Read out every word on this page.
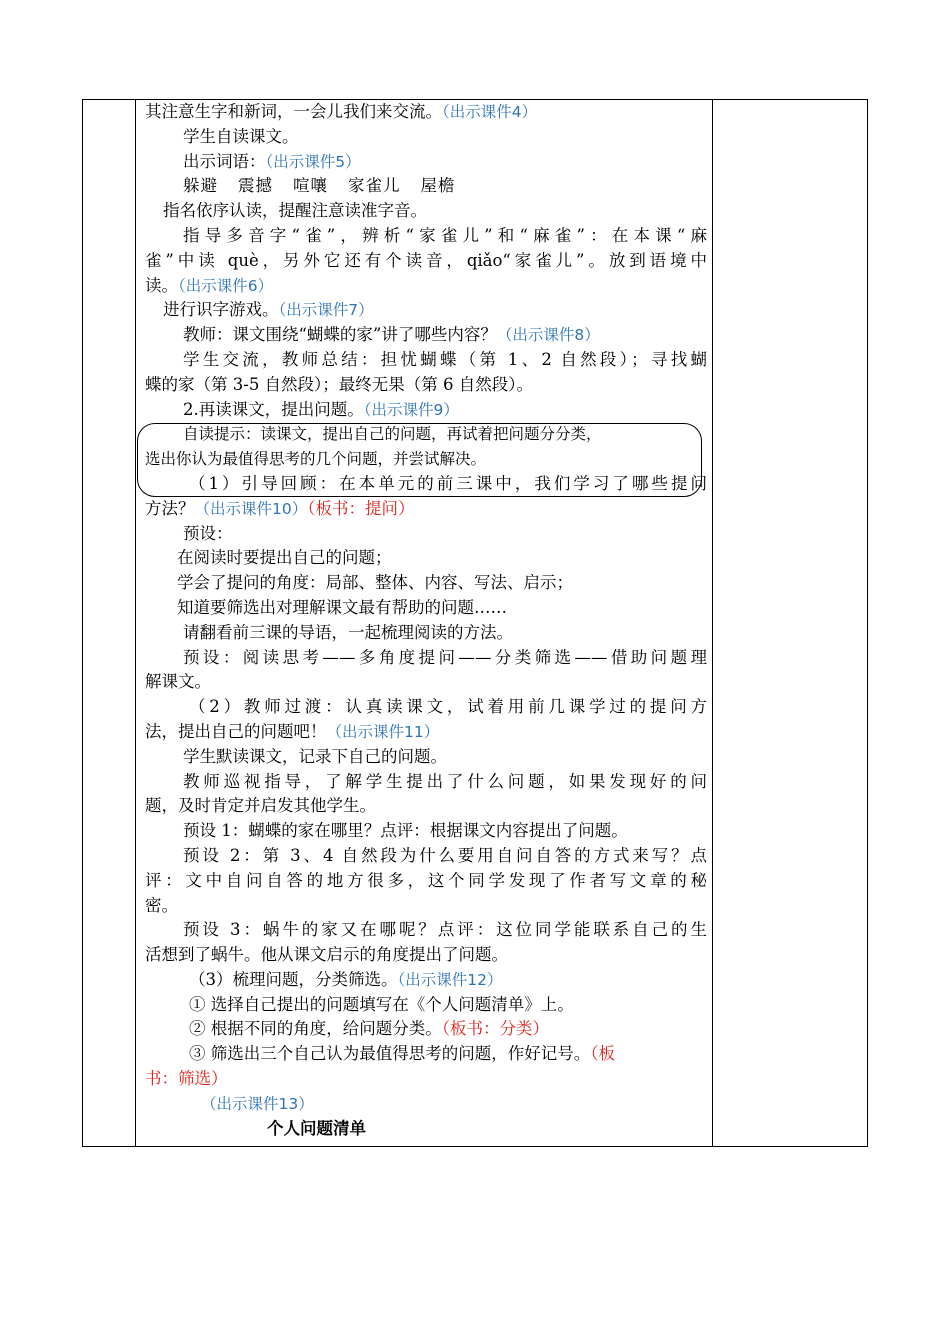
其注意生字和新词，一会儿我们来交流。（出示课件4）
学生自读课文。
出示词语：（出示课件5）
躲避 震撼 喧嚷 家雀儿 屋檐
指名依序认读，提醒注意读准字音。
指导多音字“雀”，辨析“家雀儿”和“麻雀”：在本课“麻
雀”中读 què，另外它还有个读音，qiǎo“家雀儿”。放到语境中
读。（出示课件6）
进行识字游戏。（出示课件7）
教师：课文围绕“蝴蝶的家”讲了哪些内容？（出示课件8）
学生交流，教师总结：担忧蝴蝶（第 1、2 自然段）；寻找蝴
蝶的家（第 3-5 自然段）；最终无果（第 6 自然段）。
2.再读课文，提出问题。（出示课件9）
自读提示：读课文，提出自己的问题，再试着把问题分分类，
选出你认为最值得思考的几个问题，并尝试解决。
（1）引导回顾：在本单元的前三课中，我们学习了哪些提问
方法？（出示课件10）（板书：提问）
预设：
在阅读时要提出自己的问题；
学会了提问的角度：局部、整体、内容、写法、启示；
知道要筛选出对理解课文最有帮助的问题……
请翻看前三课的导语，一起梳理阅读的方法。
预设：阅读思考——多角度提问——分类筛选——借助问题理
解课文。
（2）教师过渡：认真读课文，试着用前几课学过的提问方
法，提出自己的问题吧！（出示课件11）
学生默读课文，记录下自己的问题。
教师巡视指导，了解学生提出了什么问题，如果发现好的问
题，及时肯定并启发其他学生。
预设 1：蝴蝶的家在哪里？点评：根据课文内容提出了问题。
预设 2：第 3、4 自然段为什么要用自问自答的方式来写？点
评：文中自问自答的地方很多，这个同学发现了作者写文章的秘
密。
预设 3：蜗牛的家又在哪呢？点评：这位同学能联系自己的生
活想到了蜗牛。他从课文启示的角度提出了问题。
（3）梳理问题，分类筛选。（出示课件12）
① 选择自己提出的问题填写在《个人问题清单》上。
② 根据不同的角度，给问题分类。（板书：分类）
③ 筛选出三个自己认为最值得思考的问题，作好记号。（板
书：筛选）
（出示课件13）
个人问题清单
